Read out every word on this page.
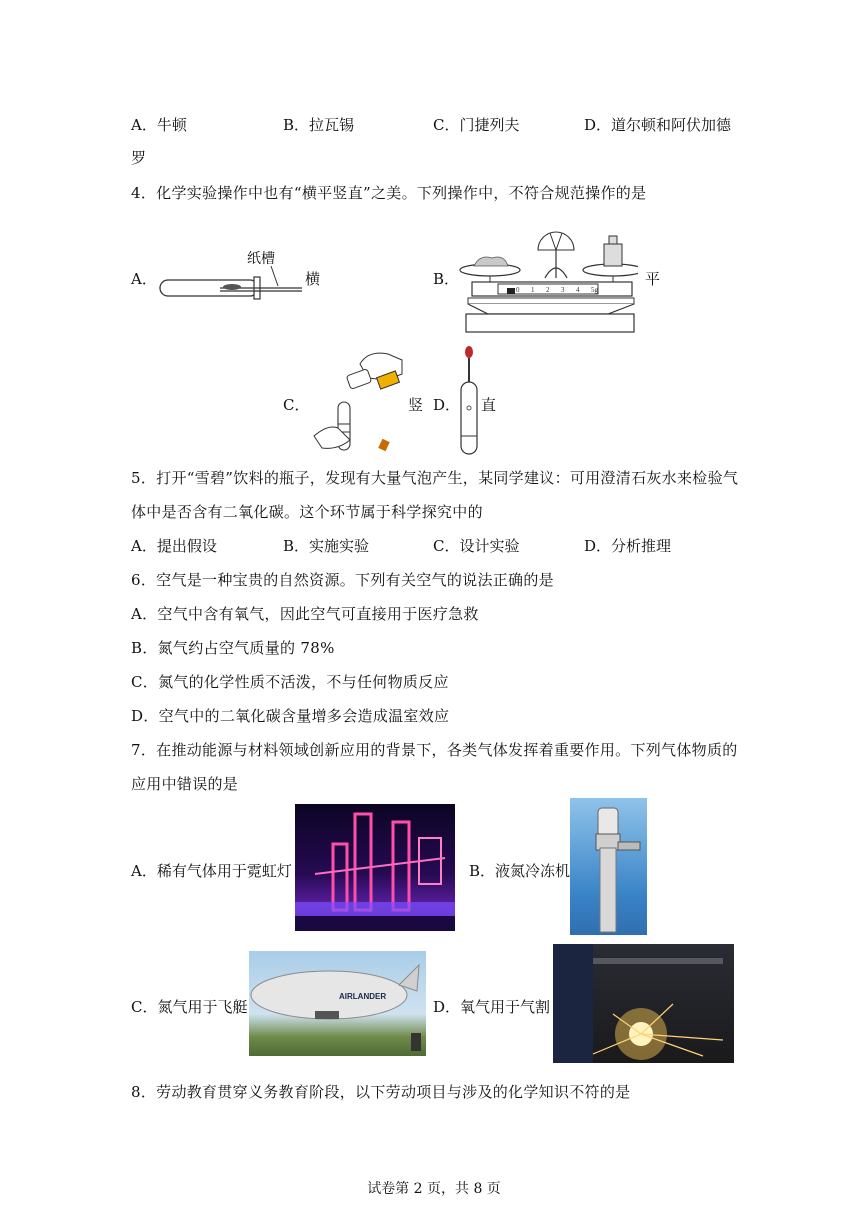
A．牛顿	B．拉瓦锡	C．门捷列夫	D．道尔顿和阿伏加德
罗
4．化学实验操作中也有“横平竖直”之美。下列操作中，不符合规范操作的是
A．
纸槽
横	B．
0 1 2 3 4 5g
平
C．	竖 D． 直
5．打开“雪碧”饮料的瓶子，发现有大量气泡产生，某同学建议：可用澄清石灰水来检验气
体中是否含有二氧化碳。这个环节属于科学探究中的
A．提出假设	B．实施实验	C．设计实验	D．分析推理
6．空气是一种宝贵的自然资源。下列有关空气的说法正确的是
A．空气中含有氧气，因此空气可直接用于医疗急救
B．氮气约占空气质量的 78%
C．氮气的化学性质不活泼，不与任何物质反应
D．空气中的二氧化碳含量增多会造成温室效应
7．在推动能源与材料领域创新应用的背景下，各类气体发挥着重要作用。下列气体物质的
应用中错误的是
A．稀有气体用于霓虹灯	B．液氮冷冻机
C．氮气用于飞艇
AIRLANDER
D．氧气用于气割
8．劳动教育贯穿义务教育阶段，以下劳动项目与涉及的化学知识不符的是
试卷第 2 页，共 8 页
